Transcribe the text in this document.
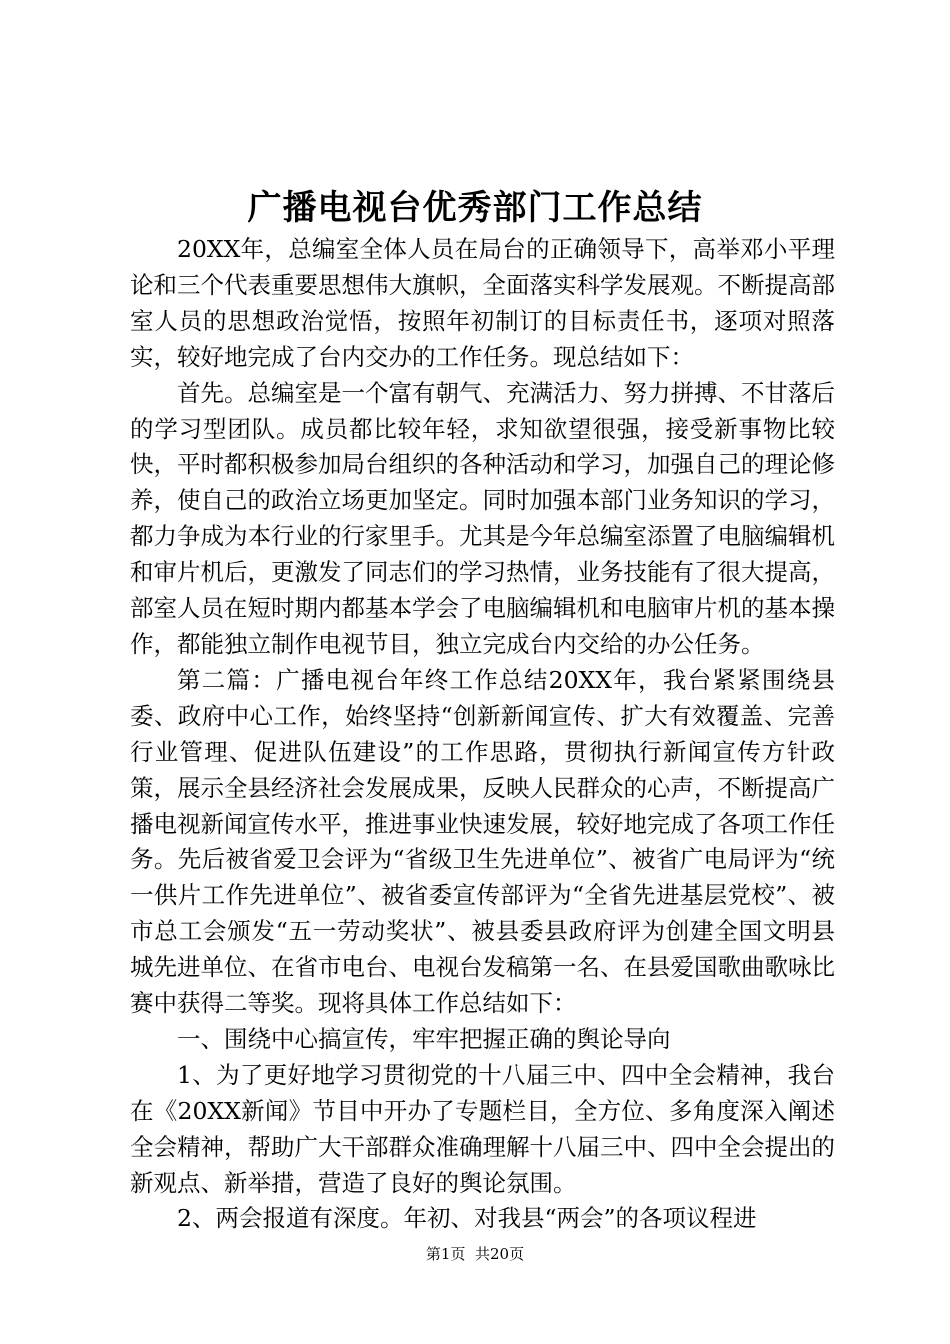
广播电视台优秀部门工作总结

20XX年，总编室全体人员在局台的正确领导下，高举邓小平理论和三个代表重要思想伟大旗帜，全面落实科学发展观。不断提高部室人员的思想政治觉悟，按照年初制订的目标责任书，逐项对照落实，较好地完成了台内交办的工作任务。现总结如下：

首先。总编室是一个富有朝气、充满活力、努力拼搏、不甘落后的学习型团队。成员都比较年轻，求知欲望很强，接受新事物比较快，平时都积极参加局台组织的各种活动和学习，加强自己的理论修养，使自己的政治立场更加坚定。同时加强本部门业务知识的学习，都力争成为本行业的行家里手。尤其是今年总编室添置了电脑编辑机和审片机后，更激发了同志们的学习热情，业务技能有了很大提高，部室人员在短时期内都基本学会了电脑编辑机和电脑审片机的基本操作，都能独立制作电视节目，独立完成台内交给的办公任务。

第二篇：广播电视台年终工作总结20XX年，我台紧紧围绕县委、政府中心工作，始终坚持“创新新闻宣传、扩大有效覆盖、完善行业管理、促进队伍建设”的工作思路，贯彻执行新闻宣传方针政策，展示全县经济社会发展成果，反映人民群众的心声，不断提高广播电视新闻宣传水平，推进事业快速发展，较好地完成了各项工作任务。先后被省爱卫会评为“省级卫生先进单位”、被省广电局评为“统一供片工作先进单位”、被省委宣传部评为“全省先进基层党校”、被市总工会颁发“五一劳动奖状”、被县委县政府评为创建全国文明县城先进单位、在省市电台、电视台发稿第一名、在县爱国歌曲歌咏比赛中获得二等奖。现将具体工作总结如下：

一、围绕中心搞宣传，牢牢把握正确的舆论导向

1、为了更好地学习贯彻党的十八届三中、四中全会精神，我台在《20XX新闻》节目中开办了专题栏目，全方位、多角度深入阐述全会精神，帮助广大干部群众准确理解十八届三中、四中全会提出的新观点、新举措，营造了良好的舆论氛围。

2、两会报道有深度。年初、对我县“两会”的各项议程进

第1页 共20页
